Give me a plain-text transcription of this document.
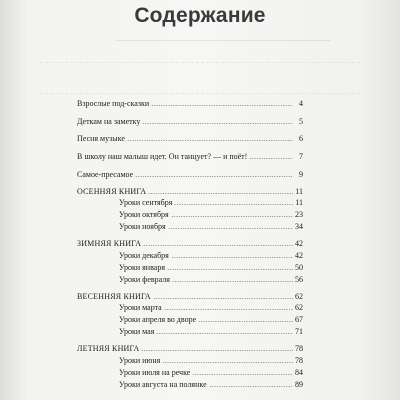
Содержание
Взрослые под-сказки	4
Деткам на заметку	5
Песня музыке	6
В школу наш малыш идет. Он танцует? — и поёт!	7
Самое-пресамое	9
ОСЕННЯЯ КНИГА	11
Уроки сентября	11
Уроки октября	23
Уроки ноября	34
ЗИМНЯЯ КНИГА	42
Уроки декабря	42
Уроки января	50
Уроки февраля	56
ВЕСЕННЯЯ КНИГА	62
Уроки марта	62
Уроки апреля во дворе	67
Уроки мая	71
ЛЕТНЯЯ КНИГА	78
Уроки июня	78
Уроки июля на речке	84
Уроки августа на полянке	89
